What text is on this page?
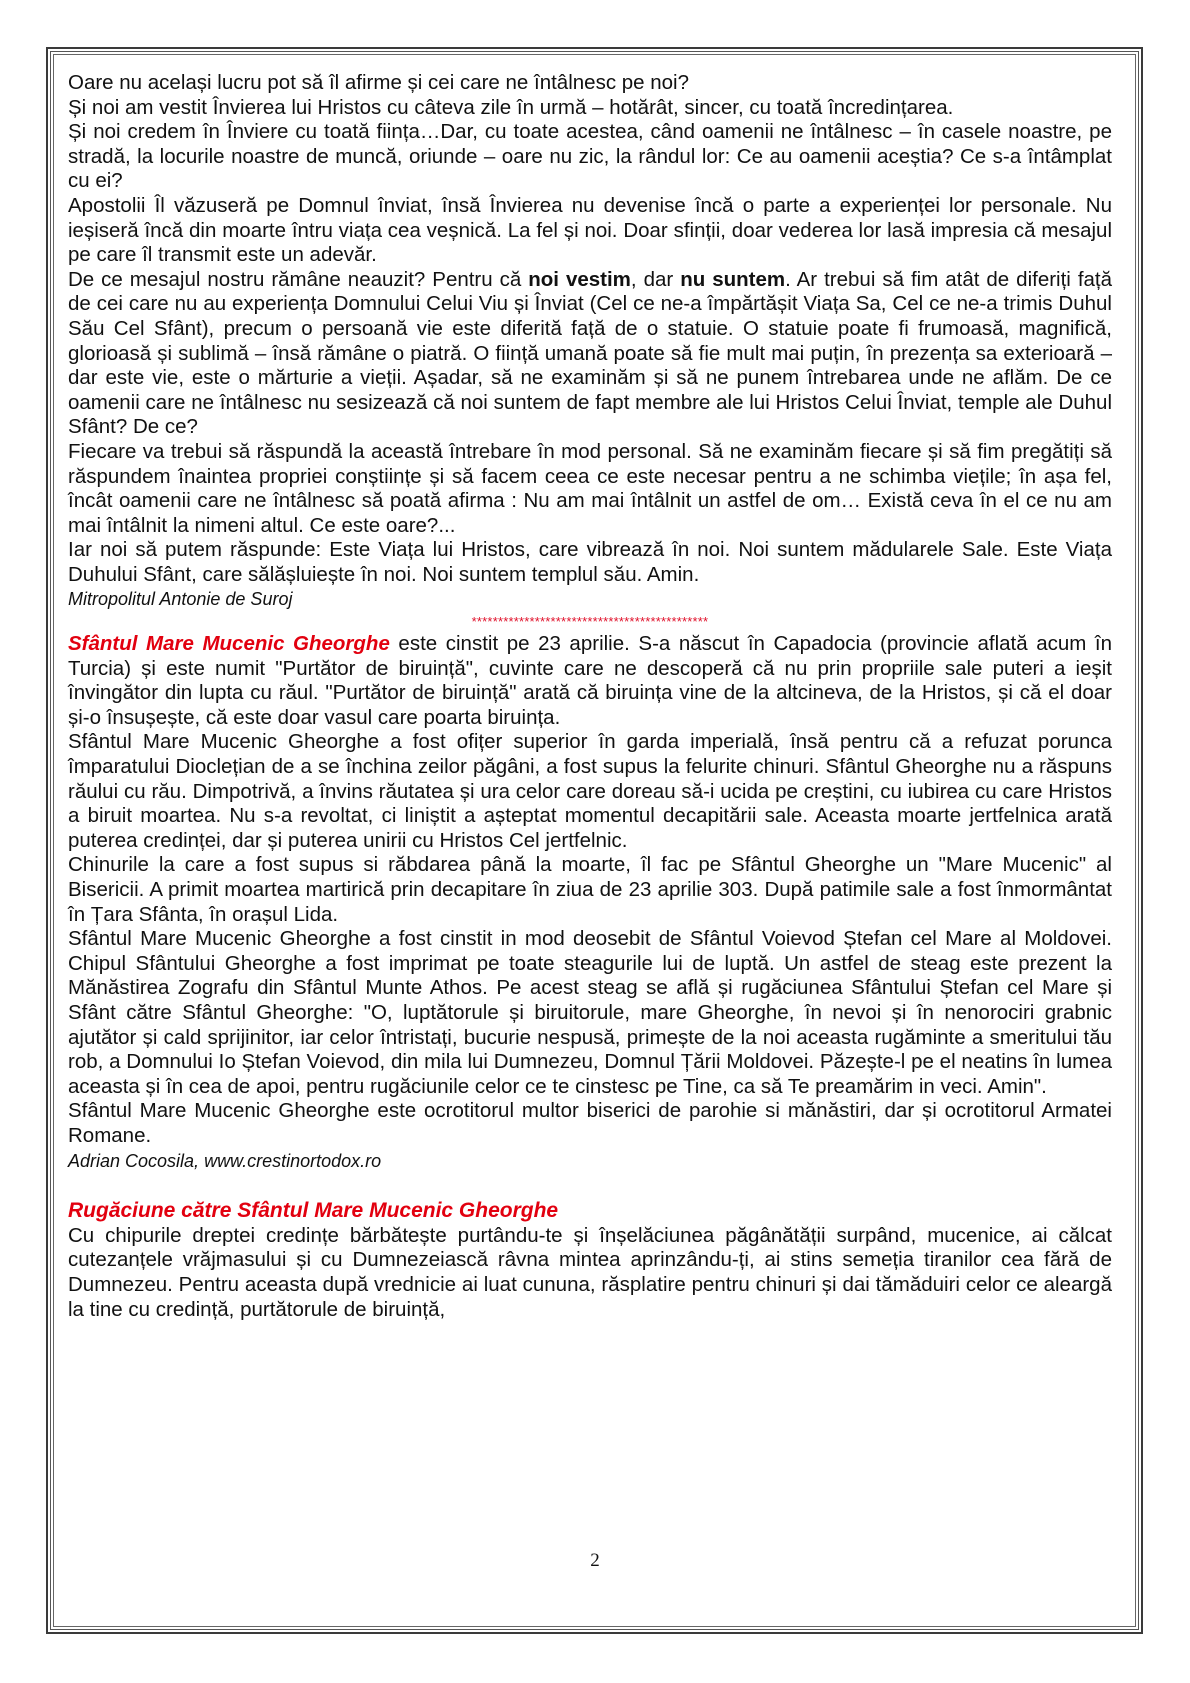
Oare nu același lucru pot să îl afirme și cei care ne întâlnesc pe noi?

Și noi am vestit Învierea lui Hristos cu câteva zile în urmă – hotărât, sincer, cu toată încredințarea.

Și noi credem în Înviere cu toată ființa…Dar, cu toate acestea, când oamenii ne întâlnesc – în casele noastre, pe stradă, la locurile noastre de muncă, oriunde – oare nu zic, la rândul lor: Ce au oamenii aceștia? Ce s-a întâmplat cu ei?

Apostolii Îl văzuseră pe Domnul înviat, însă Învierea nu devenise încă o parte a experienței lor personale. Nu ieșiseră încă din moarte întru viața cea veșnică. La fel și noi. Doar sfinții, doar vederea lor lasă impresia că mesajul pe care îl transmit este un adevăr.

De ce mesajul nostru rămâne neauzit? Pentru că noi vestim, dar nu suntem. Ar trebui să fim atât de diferiți față de cei care nu au experiența Domnului Celui Viu și Înviat (Cel ce ne-a împărtășit Viața Sa, Cel ce ne-a trimis Duhul Său Cel Sfânt), precum o persoană vie este diferită față de o statuie. O statuie poate fi frumoasă, magnifică, glorioasă și sublimă – însă rămâne o piatră. O ființă umană poate să fie mult mai puțin, în prezența sa exterioară – dar este vie, este o mărturie a vieții. Așadar, să ne examinăm și să ne punem întrebarea unde ne aflăm. De ce oamenii care ne întâlnesc nu sesizează că noi suntem de fapt membre ale lui Hristos Celui Înviat, temple ale Duhul Sfânt? De ce?

Fiecare va trebui să răspundă la această întrebare în mod personal. Să ne examinăm fiecare și să fim pregătiți să răspundem înaintea propriei conștiințe și să facem ceea ce este necesar pentru a ne schimba viețile; în așa fel, încât oamenii care ne întâlnesc să poată afirma : Nu am mai întâlnit un astfel de om… Există ceva în el ce nu am mai întâlnit la nimeni altul. Ce este oare?...

Iar noi să putem răspunde: Este Viața lui Hristos, care vibrează în noi. Noi suntem mădularele Sale. Este Viața Duhului Sfânt, care sălășluiește în noi. Noi suntem templul său. Amin.

Mitropolitul Antonie de Suroj

*********************************************

Sfântul Mare Mucenic Gheorghe este cinstit pe 23 aprilie. S-a născut în Capadocia (provincie aflată acum în Turcia) și este numit "Purtător de biruință", cuvinte care ne descoperă că nu prin propriile sale puteri a ieșit învingător din lupta cu răul. "Purtător de biruință" arată că biruința vine de la altcineva, de la Hristos, și că el doar și-o însușește, că este doar vasul care poarta biruința.

Sfântul Mare Mucenic Gheorghe a fost ofițer superior în garda imperială, însă pentru că a refuzat porunca împaratului Dioclețian de a se închina zeilor păgâni, a fost supus la felurite chinuri. Sfântul Gheorghe nu a răspuns răului cu rău. Dimpotrivă, a învins răutatea și ura celor care doreau să-i ucida pe creștini, cu iubirea cu care Hristos a biruit moartea. Nu s-a revoltat, ci liniștit a așteptat momentul decapitării sale. Aceasta moarte jertfelnica arată puterea credinței, dar și puterea unirii cu Hristos Cel jertfelnic.

Chinurile la care a fost supus si răbdarea până la moarte, îl fac pe Sfântul Gheorghe un "Mare Mucenic" al Bisericii. A primit moartea martirică prin decapitare în ziua de 23 aprilie 303. După patimile sale a fost înmormântat în Țara Sfânta, în orașul Lida.

Sfântul Mare Mucenic Gheorghe a fost cinstit in mod deosebit de Sfântul Voievod Ștefan cel Mare al Moldovei. Chipul Sfântului Gheorghe a fost imprimat pe toate steagurile lui de luptă. Un astfel de steag este prezent la Mănăstirea Zografu din Sfântul Munte Athos. Pe acest steag se află și rugăciunea Sfântului Ștefan cel Mare și Sfânt către Sfântul Gheorghe: "O, luptătorule și biruitorule, mare Gheorghe, în nevoi și în nenorociri grabnic ajutător și cald sprijinitor, iar celor întristați, bucurie nespusă, primește de la noi aceasta rugăminte a smeritului tău rob, a Domnului Io Ștefan Voievod, din mila lui Dumnezeu, Domnul Țării Moldovei. Păzește-l pe el neatins în lumea aceasta și în cea de apoi, pentru rugăciunile celor ce te cinstesc pe Tine, ca să Te preamărim in veci. Amin".

Sfântul Mare Mucenic Gheorghe este ocrotitorul multor biserici de parohie si mănăstiri, dar și ocrotitorul Armatei Romane.

Adrian Cocosila, www.crestinortodox.ro

Rugăciune către Sfântul Mare Mucenic Gheorghe

Cu chipurile dreptei credințe bărbătește purtându-te și înșelăciunea păgânătății surpând, mucenice, ai călcat cutezanțele vrăjmasului și cu Dumnezeiască râvna mintea aprinzându-ți, ai stins semeția tiranilor cea fără de Dumnezeu. Pentru aceasta după vrednicie ai luat cununa, răsplatire pentru chinuri și dai tămăduiri celor ce aleargă la tine cu credință, purtătorule de biruință,

2
